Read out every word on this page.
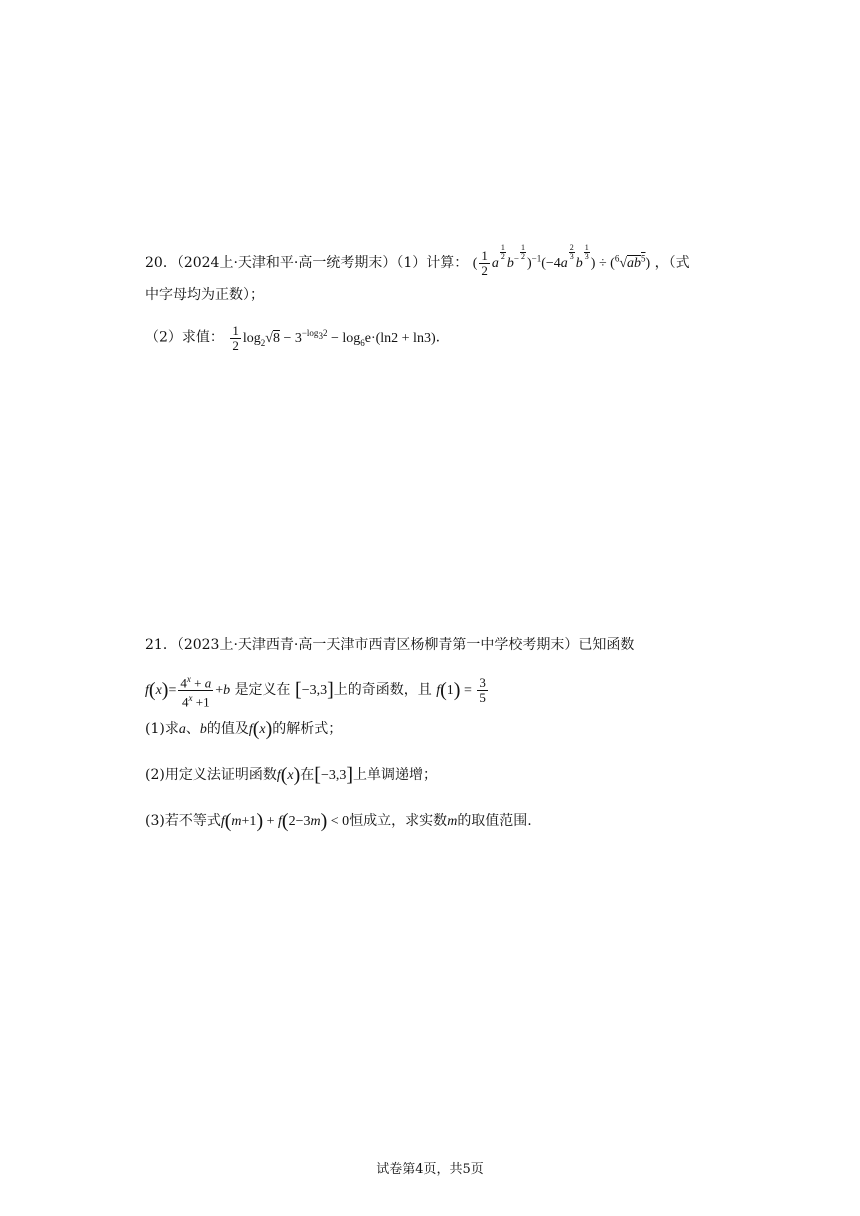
20．（2024上·天津和平·高一统考期末）（1）计算： ( $\frac{1}{2}$ a
$\frac{1}{2}$
$b^- \frac{1}{2}$
)$^{-1}$(−4a
$\frac{2}{3}$
b
$\frac{1}{3}$
) ÷ $(^6√ab^5)$ ，（式
中字母均为正数）；
（2）求值： $\frac{1}{2} \log_2√8 - 3^{-log_32} - \log_6e\cdot(\ln 2 + \ln 3)$.
21．（2023上·天津西青·高一天津市西青区杨柳青第一中学校考期末）已知函数
$f(x)= \frac{4^x + a}{4^x +1} +b$ 是定义在 [−3,3]上的奇函数，且 $f(1) = \frac{3}{5}$
(1)求a、b的值及f(x)的解析式；
(2)用定义法证明函数f(x)在[−3,3]上单调递增；
(3)若不等式f(m+1) + f(2−3m) < 0恒成立，求实数m的取值范围.
试卷第4页，共5页
